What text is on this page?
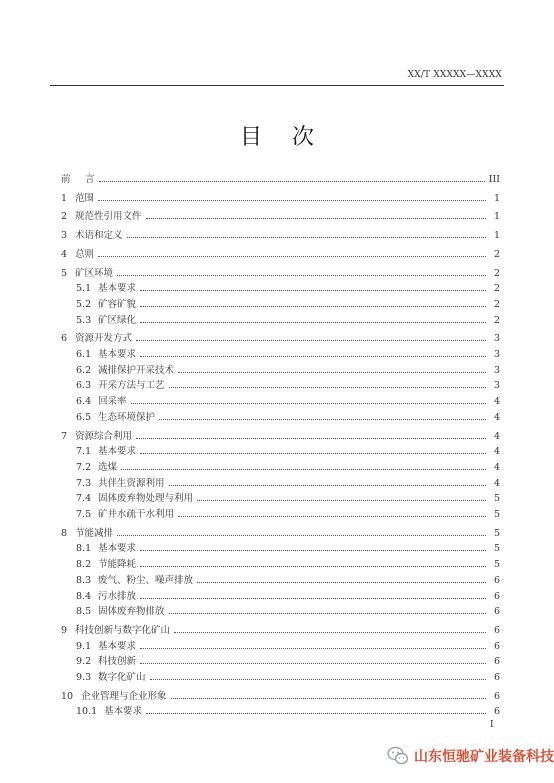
XX/T XXXXX—XXXX
目次
前	言	III
1 范围	1
2 规范性引用文件	1
3 术语和定义	1
4 总则	2
5 矿区环境	2
5.1 基本要求	2
5.2 矿容矿貌	2
5.3 矿区绿化	2
6 资源开发方式	3
6.1 基本要求	3
6.2 减排保护开采技术	3
6.3 开采方法与工艺	3
6.4 回采率	4
6.5 生态环境保护	4
7 资源综合利用	4
7.1 基本要求	4
7.2 选煤	4
7.3 共伴生资源利用	4
7.4 固体废弃物处理与利用	5
7.5 矿井水疏干水利用	5
8 节能减排	5
8.1 基本要求	5
8.2 节能降耗	5
8.3 废气、粉尘、噪声排放	6
8.4 污水排放	6
8.5 固体废弃物排放	6
9 科技创新与数字化矿山	6
9.1 基本要求	6
9.2 科技创新	6
9.3 数字化矿山	6
10 企业管理与企业形象	6
10.1 基本要求	6
I
山东恒驰矿业装备科技
